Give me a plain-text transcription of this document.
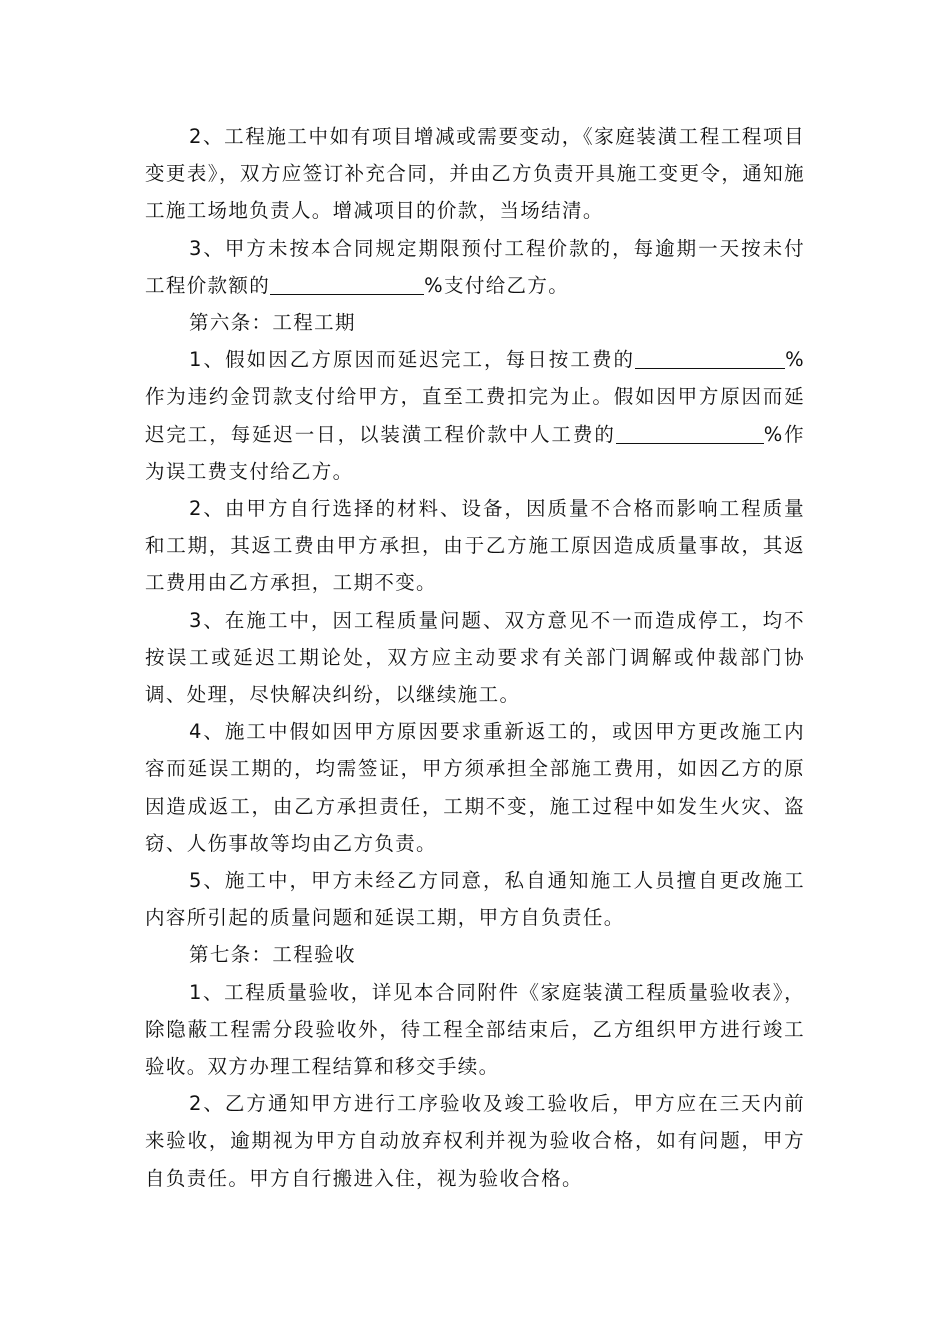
2、工程施工中如有项目增减或需要变动，《家庭装潢工程工程项目变更表》，双方应签订补充合同，并由乙方负责开具施工变更令，通知施工施工场地负责人。增减项目的价款，当场结清。

3、甲方未按本合同规定期限预付工程价款的，每逾期一天按未付工程价款额的	%支付给乙方。

第六条：工程工期

1、假如因乙方原因而延迟完工，每日按工费的	%作为违约金罚款支付给甲方，直至工费扣完为止。假如因甲方原因而延迟完工，每延迟一日，以装潢工程价款中人工费的	%作为误工费支付给乙方。

2、由甲方自行选择的材料、设备，因质量不合格而影响工程质量和工期，其返工费由甲方承担，由于乙方施工原因造成质量事故，其返工费用由乙方承担，工期不变。

3、在施工中，因工程质量问题、双方意见不一而造成停工，均不按误工或延迟工期论处，双方应主动要求有关部门调解或仲裁部门协调、处理，尽快解决纠纷，以继续施工。

4、施工中假如因甲方原因要求重新返工的，或因甲方更改施工内容而延误工期的，均需签证，甲方须承担全部施工费用，如因乙方的原因造成返工，由乙方承担责任，工期不变，施工过程中如发生火灾、盗窃、人伤事故等均由乙方负责。

5、施工中，甲方未经乙方同意，私自通知施工人员擅自更改施工内容所引起的质量问题和延误工期，甲方自负责任。

第七条：工程验收

1、工程质量验收，详见本合同附件《家庭装潢工程质量验收表》，除隐蔽工程需分段验收外，待工程全部结束后，乙方组织甲方进行竣工验收。双方办理工程结算和移交手续。

2、乙方通知甲方进行工序验收及竣工验收后，甲方应在三天内前来验收，逾期视为甲方自动放弃权利并视为验收合格，如有问题，甲方自负责任。甲方自行搬进入住，视为验收合格。
